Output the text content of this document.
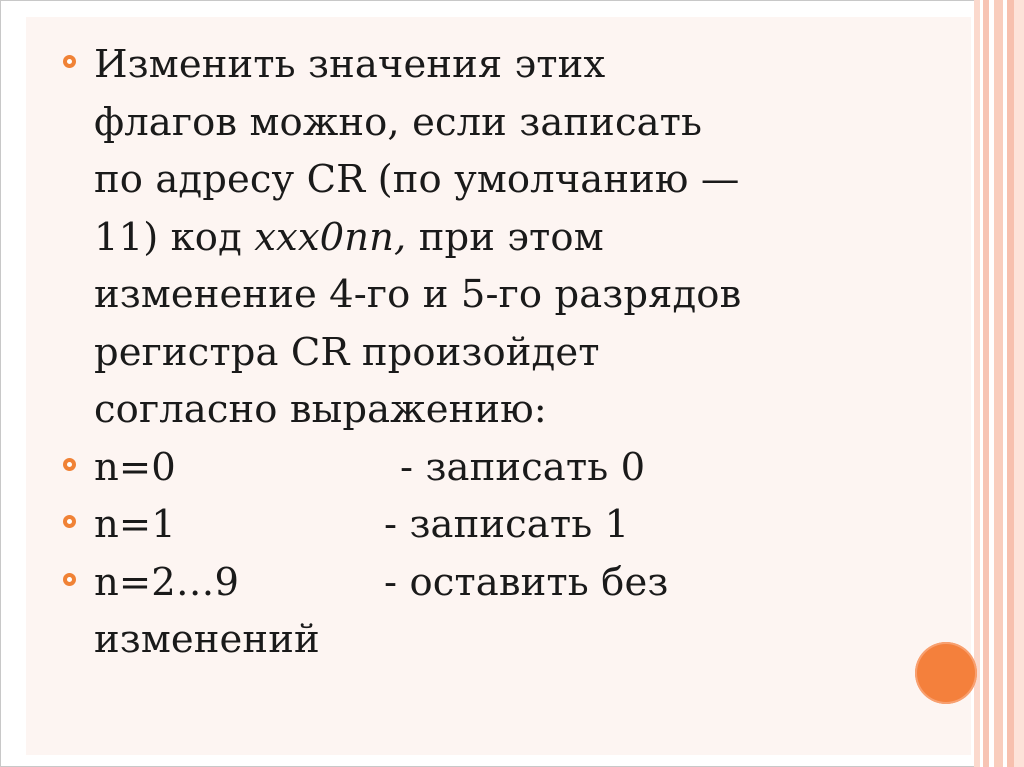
Изменить значения этих
флагов можно, если записать
по адресу CR (по умолчанию —
11) код xxx0nn, при этом
изменение 4-го и 5-го разрядов
регистра CR произойдет
согласно выражению:
n=0	- записать 0
n=1	- записать 1
n=2…9	- оставить без
изменений
